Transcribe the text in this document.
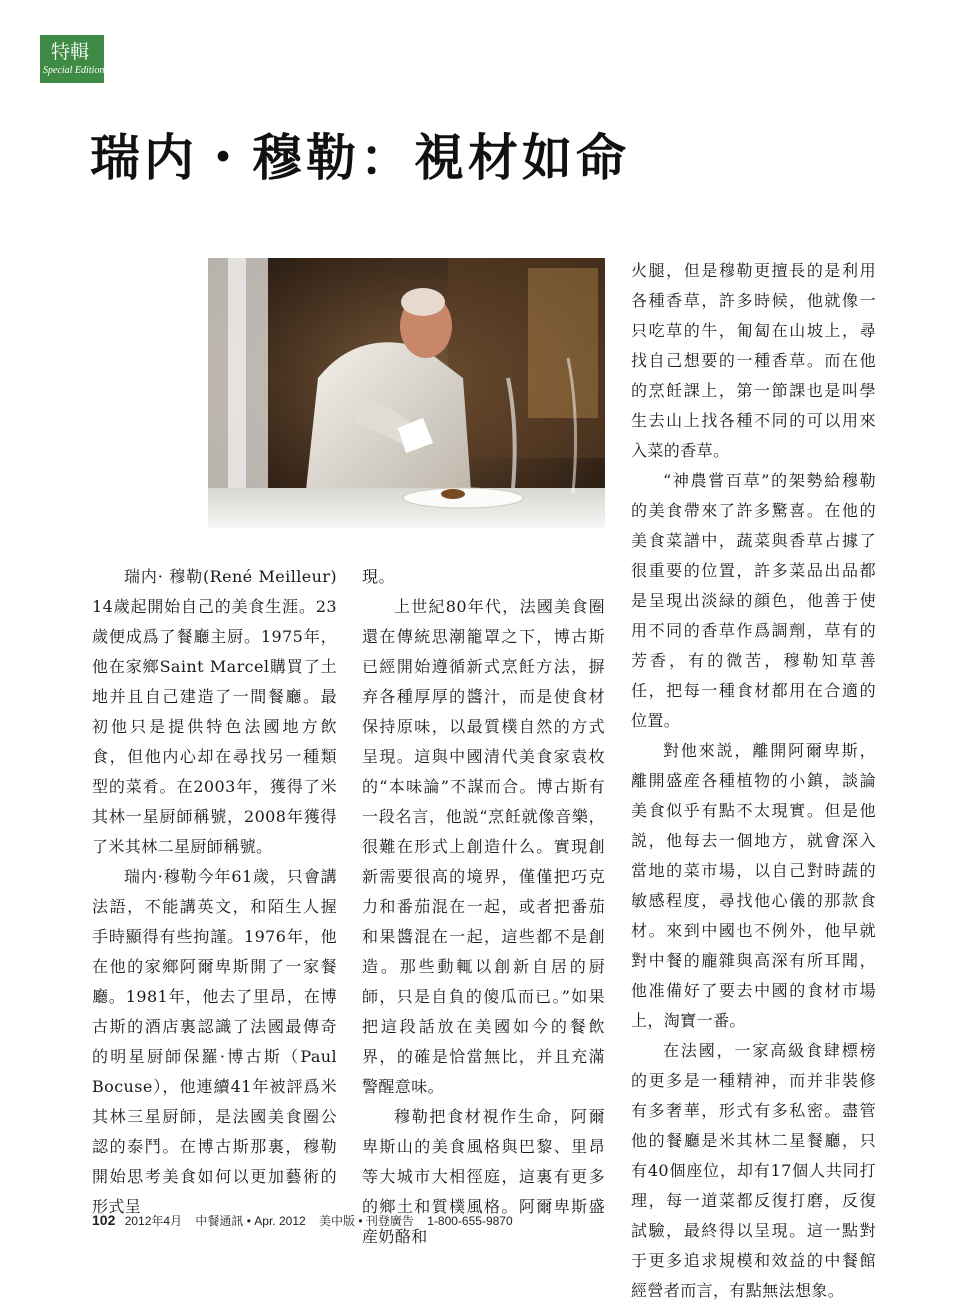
特輯
Special Edition
瑞内・穆勒：視材如命

瑞内· 穆勒(René Meilleur) 14歲起開始自己的美食生涯。23歲便成爲了餐廳主厨。1975年，他在家鄉Saint Marcel購買了土地并且自己建造了一間餐廳。最初他只是提供特色法國地方飲食，但他内心却在尋找另一種類型的菜肴。在2003年，獲得了米其林一星厨師稱號，2008年獲得了米其林二星厨師稱號。

瑞内·穆勒今年61歲，只會講法語，不能講英文，和陌生人握手時顯得有些拘謹。1976年，他在他的家鄉阿爾卑斯開了一家餐廳。1981年，他去了里昂，在博古斯的酒店裏認識了法國最傳奇的明星厨師保羅·博古斯（Paul Bocuse），他連續41年被評爲米其林三星厨師，是法國美食圈公認的泰鬥。在博古斯那裏，穆勒開始思考美食如何以更加藝術的形式呈

現。

上世紀80年代，法國美食圈還在傳統思潮籠罩之下，博古斯已經開始遵循新式烹飪方法，摒弃各種厚厚的醬汁，而是使食材保持原味，以最質樸自然的方式呈現。這與中國清代美食家袁枚的“本味論”不謀而合。博古斯有一段名言，他説“烹飪就像音樂，很難在形式上創造什么。實現創新需要很高的境界，僅僅把巧克力和番茄混在一起，或者把番茄和果醬混在一起，這些都不是創造。那些動輒以創新自居的厨師，只是自負的傻瓜而已。”如果把這段話放在美國如今的餐飲界，的確是恰當無比，并且充滿警醒意味。

穆勒把食材視作生命，阿爾卑斯山的美食風格與巴黎、里昂等大城市大相徑庭，這裏有更多的鄉土和質樸風格。阿爾卑斯盛産奶酪和

火腿，但是穆勒更擅長的是利用各種香草，許多時候，他就像一只吃草的牛，匍匐在山坡上，尋找自己想要的一種香草。而在他的烹飪課上，第一節課也是叫學生去山上找各種不同的可以用來入菜的香草。

“神農嘗百草”的架勢給穆勒的美食帶來了許多驚喜。在他的美食菜譜中，蔬菜與香草占據了很重要的位置，許多菜品出品都是呈現出淡緑的顔色，他善于使用不同的香草作爲調劑，草有的芳香，有的微苦，穆勒知草善任，把每一種食材都用在合適的位置。

對他來説，離開阿爾卑斯，離開盛産各種植物的小鎮，談論美食似乎有點不太現實。但是他説，他每去一個地方，就會深入當地的菜市場，以自己對時蔬的敏感程度，尋找他心儀的那款食材。來到中國也不例外，他早就對中餐的龐雜與高深有所耳聞，他准備好了要去中國的食材市場上，淘寶一番。

在法國，一家高級食肆標榜的更多是一種精神，而并非裝修有多奢華，形式有多私密。盡管他的餐廳是米其林二星餐廳，只有40個座位，却有17個人共同打理，每一道菜都反復打磨，反復試驗，最終得以呈現。這一點對于更多追求規模和效益的中餐館經營者而言，有點無法想象。

102 2012年4月 中餐通訊 • Apr. 2012 美中版 • 刊登廣告 1-800-655-9870
